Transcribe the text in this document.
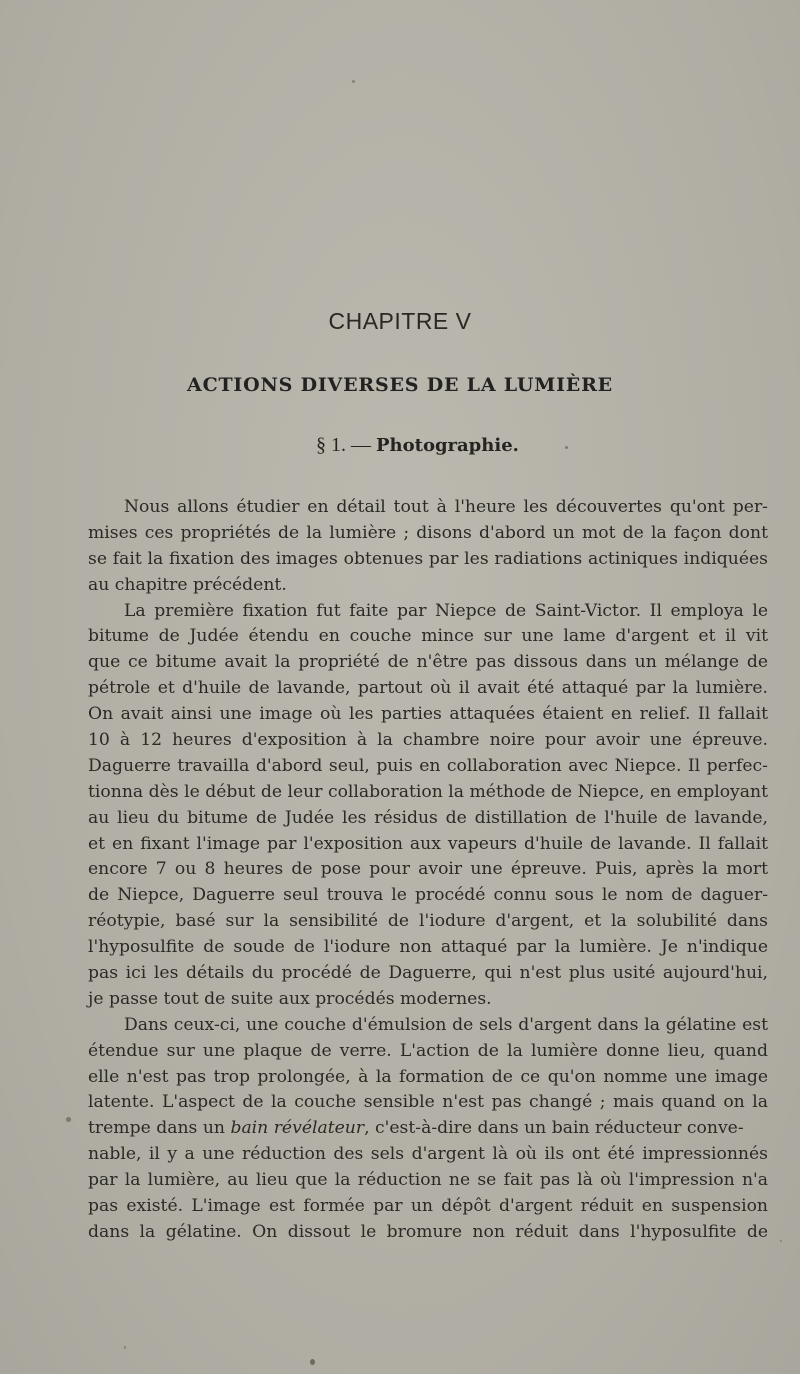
CHAPITRE V
ACTIONS DIVERSES DE LA LUMIÈRE
§ 1. — Photographie.
Nous allons étudier en détail tout à l'heure les découvertes qu'ont per-
mises ces propriétés de la lumière ; disons d'abord un mot de la façon dont
se fait la fixation des images obtenues par les radiations actiniques indiquées
au chapitre précédent.
La première fixation fut faite par Niepce de Saint-Victor. Il employa le
bitume de Judée étendu en couche mince sur une lame d'argent et il vit
que ce bitume avait la propriété de n'être pas dissous dans un mélange de
pétrole et d'huile de lavande, partout où il avait été attaqué par la lumière.
On avait ainsi une image où les parties attaquées étaient en relief. Il fallait
10 à 12 heures d'exposition à la chambre noire pour avoir une épreuve.
Daguerre travailla d'abord seul, puis en collaboration avec Niepce. Il perfec-
tionna dès le début de leur collaboration la méthode de Niepce, en employant
au lieu du bitume de Judée les résidus de distillation de l'huile de lavande,
et en fixant l'image par l'exposition aux vapeurs d'huile de lavande. Il fallait
encore 7 ou 8 heures de pose pour avoir une épreuve. Puis, après la mort
de Niepce, Daguerre seul trouva le procédé connu sous le nom de daguer-
réotypie, basé sur la sensibilité de l'iodure d'argent, et la solubilité dans
l'hyposulfite de soude de l'iodure non attaqué par la lumière. Je n'indique
pas ici les détails du procédé de Daguerre, qui n'est plus usité aujourd'hui,
je passe tout de suite aux procédés modernes.
Dans ceux-ci, une couche d'émulsion de sels d'argent dans la gélatine est
étendue sur une plaque de verre. L'action de la lumière donne lieu, quand
elle n'est pas trop prolongée, à la formation de ce qu'on nomme une image
latente. L'aspect de la couche sensible n'est pas changé ; mais quand on la
trempe dans un bain révélateur, c'est-à-dire dans un bain réducteur conve-
nable, il y a une réduction des sels d'argent là où ils ont été impressionnés
par la lumière, au lieu que la réduction ne se fait pas là où l'impression n'a
pas existé. L'image est formée par un dépôt d'argent réduit en suspension
dans la gélatine. On dissout le bromure non réduit dans l'hyposulfite de
